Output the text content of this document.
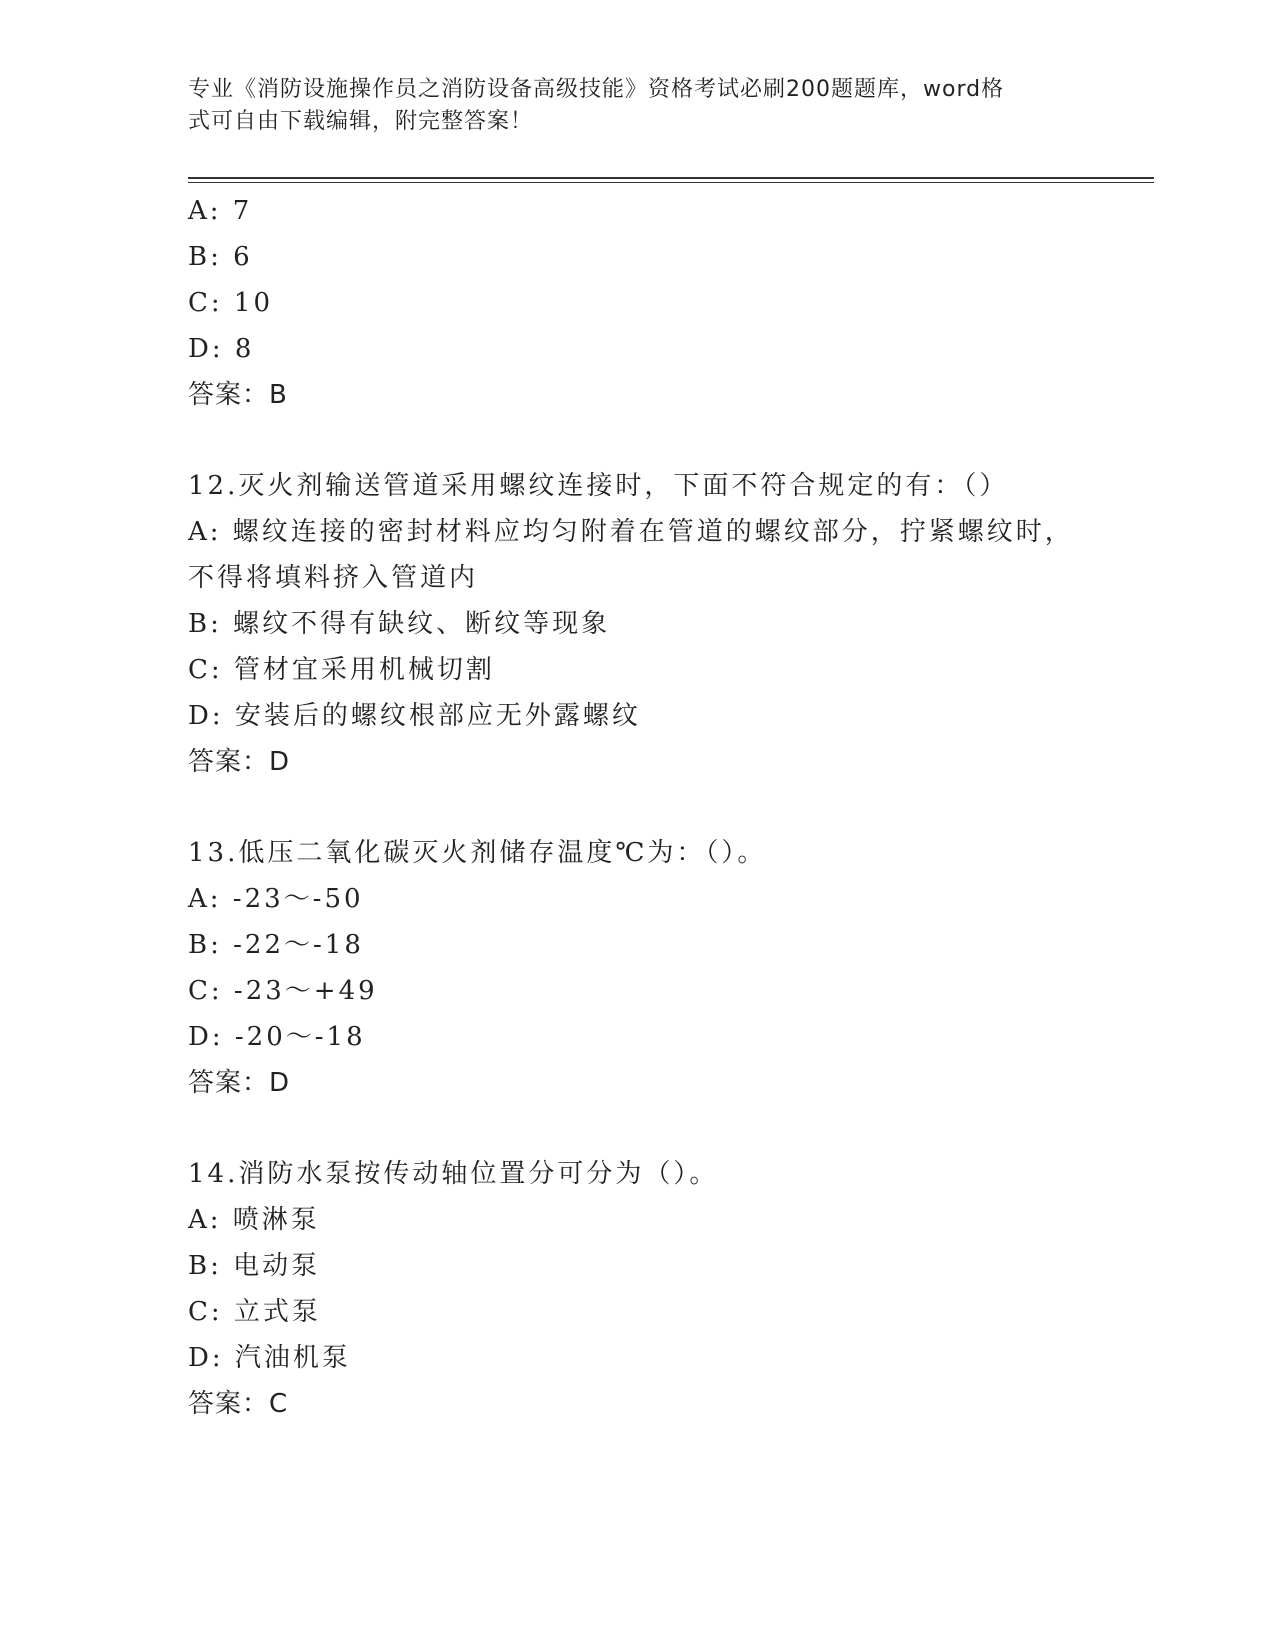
专业《消防设施操作员之消防设备高级技能》资格考试必刷200题题库，word格
式可自由下载编辑，附完整答案！
A: 7
B: 6
C: 10
D: 8
答案：B
12.灭火剂输送管道采用螺纹连接时，下面不符合规定的有：（）
A: 螺纹连接的密封材料应均匀附着在管道的螺纹部分，拧紧螺纹时，
不得将填料挤入管道内
B: 螺纹不得有缺纹、断纹等现象
C: 管材宜采用机械切割
D: 安装后的螺纹根部应无外露螺纹
答案：D
13.低压二氧化碳灭火剂储存温度℃为：（）。
A: -23～-50
B: -22～-18
C: -23～+49
D: -20～-18
答案：D
14.消防水泵按传动轴位置分可分为（）。
A: 喷淋泵
B: 电动泵
C: 立式泵
D: 汽油机泵
答案：C
